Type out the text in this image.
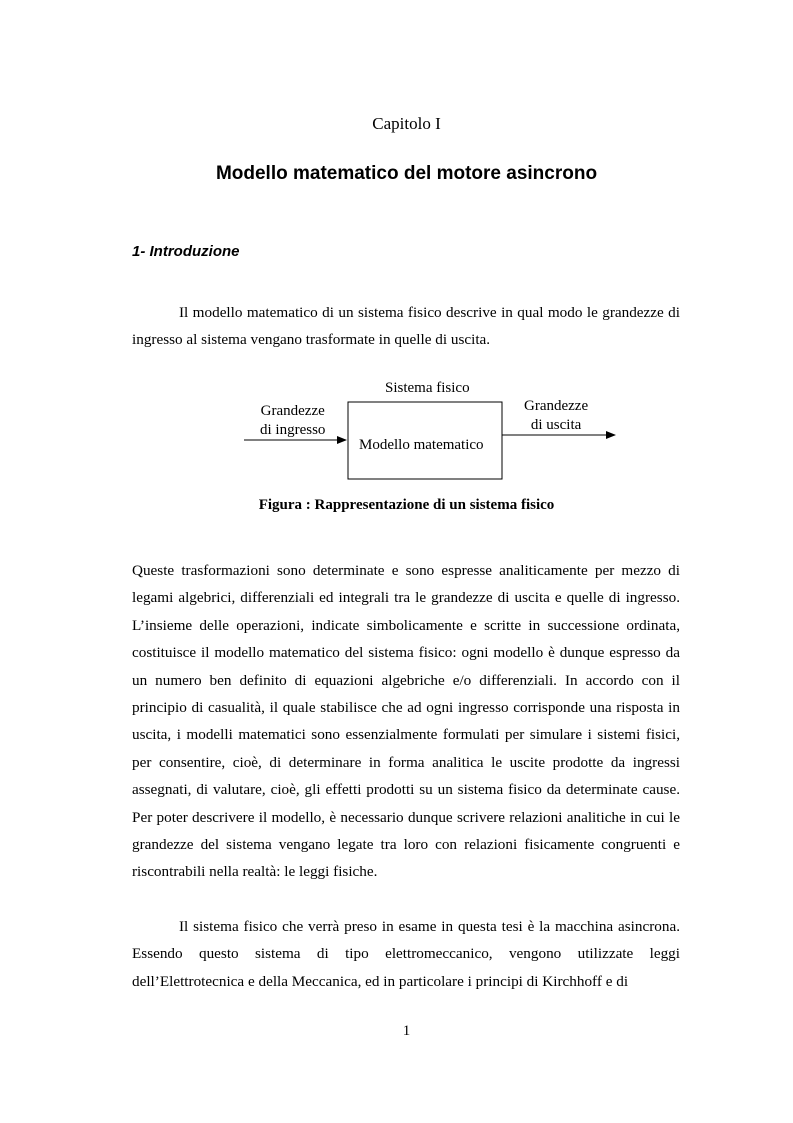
Capitolo I
Modello matematico del motore asincrono
1- Introduzione

Il modello matematico di un sistema fisico descrive in qual modo le grandezze di ingresso al sistema vengano trasformate in quelle di uscita.

Sistema fisico
Grandezze
di ingresso
Grandezze
di uscita
Modello matematico
Figura : Rappresentazione di un sistema fisico

Queste trasformazioni sono determinate e sono espresse analiticamente per mezzo di legami algebrici, differenziali ed integrali tra le grandezze di uscita e quelle di ingresso. L’insieme delle operazioni, indicate simbolicamente e scritte in successione ordinata, costituisce il modello matematico del sistema fisico: ogni modello è dunque espresso da un numero ben definito di equazioni algebriche e/o differenziali. In accordo con il principio di casualità, il quale stabilisce che ad ogni ingresso corrisponde una risposta in uscita, i modelli matematici sono essenzialmente formulati per simulare i sistemi fisici, per consentire, cioè, di determinare in forma analitica le uscite prodotte da ingressi assegnati, di valutare, cioè, gli effetti prodotti su un sistema fisico da determinate cause. Per poter descrivere il modello, è necessario dunque scrivere relazioni analitiche in cui le grandezze del sistema vengano legate tra loro con relazioni fisicamente congruenti e riscontrabili nella realtà: le leggi fisiche.

Il sistema fisico che verrà preso in esame in questa tesi è la macchina asincrona. Essendo questo sistema di tipo elettromeccanico, vengono utilizzate leggi dell’Elettrotecnica e della Meccanica, ed in particolare i principi di Kirchhoff e di

1
